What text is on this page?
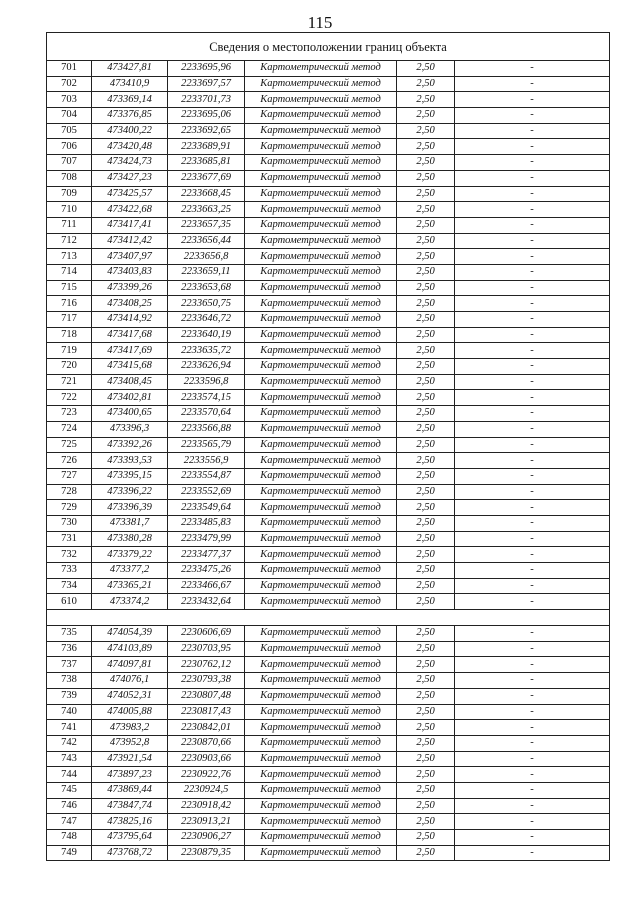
115
Сведения о местоположении границ объекта					
701	473427,81	2233695,96	Картометрический метод	2,50	-
702	473410,9	2233697,57	Картометрический метод	2,50	-
703	473369,14	2233701,73	Картометрический метод	2,50	-
704	473376,85	2233695,06	Картометрический метод	2,50	-
705	473400,22	2233692,65	Картометрический метод	2,50	-
706	473420,48	2233689,91	Картометрический метод	2,50	-
707	473424,73	2233685,81	Картометрический метод	2,50	-
708	473427,23	2233677,69	Картометрический метод	2,50	-
709	473425,57	2233668,45	Картометрический метод	2,50	-
710	473422,68	2233663,25	Картометрический метод	2,50	-
711	473417,41	2233657,35	Картометрический метод	2,50	-
712	473412,42	2233656,44	Картометрический метод	2,50	-
713	473407,97	2233656,8	Картометрический метод	2,50	-
714	473403,83	2233659,11	Картометрический метод	2,50	-
715	473399,26	2233653,68	Картометрический метод	2,50	-
716	473408,25	2233650,75	Картометрический метод	2,50	-
717	473414,92	2233646,72	Картометрический метод	2,50	-
718	473417,68	2233640,19	Картометрический метод	2,50	-
719	473417,69	2233635,72	Картометрический метод	2,50	-
720	473415,68	2233626,94	Картометрический метод	2,50	-
721	473408,45	2233596,8	Картометрический метод	2,50	-
722	473402,81	2233574,15	Картометрический метод	2,50	-
723	473400,65	2233570,64	Картометрический метод	2,50	-
724	473396,3	2233566,88	Картометрический метод	2,50	-
725	473392,26	2233565,79	Картометрический метод	2,50	-
726	473393,53	2233556,9	Картометрический метод	2,50	-
727	473395,15	2233554,87	Картометрический метод	2,50	-
728	473396,22	2233552,69	Картометрический метод	2,50	-
729	473396,39	2233549,64	Картометрический метод	2,50	-
730	473381,7	2233485,83	Картометрический метод	2,50	-
731	473380,28	2233479,99	Картометрический метод	2,50	-
732	473379,22	2233477,37	Картометрический метод	2,50	-
733	473377,2	2233475,26	Картометрический метод	2,50	-
734	473365,21	2233466,67	Картометрический метод	2,50	-
610	473374,2	2233432,64	Картометрический метод	2,50	-

735	474054,39	2230606,69	Картометрический метод	2,50	-
736	474103,89	2230703,95	Картометрический метод	2,50	-
737	474097,81	2230762,12	Картометрический метод	2,50	-
738	474076,1	2230793,38	Картометрический метод	2,50	-
739	474052,31	2230807,48	Картометрический метод	2,50	-
740	474005,88	2230817,43	Картометрический метод	2,50	-
741	473983,2	2230842,01	Картометрический метод	2,50	-
742	473952,8	2230870,66	Картометрический метод	2,50	-
743	473921,54	2230903,66	Картометрический метод	2,50	-
744	473897,23	2230922,76	Картометрический метод	2,50	-
745	473869,44	2230924,5	Картометрический метод	2,50	-
746	473847,74	2230918,42	Картометрический метод	2,50	-
747	473825,16	2230913,21	Картометрический метод	2,50	-
748	473795,64	2230906,27	Картометрический метод	2,50	-
749	473768,72	2230879,35	Картометрический метод	2,50	-
